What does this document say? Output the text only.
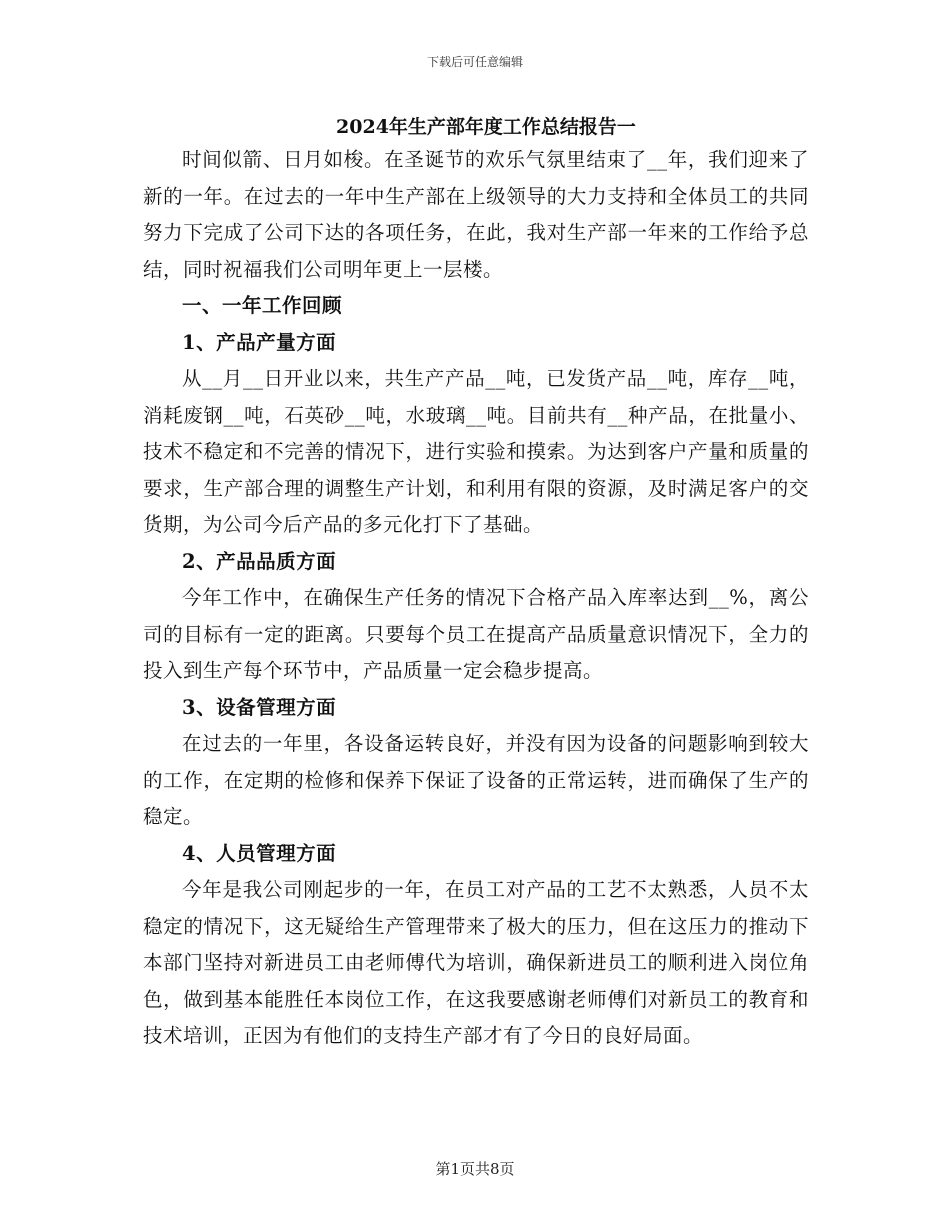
下载后可任意编辑
2024年生产部年度工作总结报告一

时间似箭、日月如梭。在圣诞节的欢乐气氛里结束了__年，我们迎来了新的一年。在过去的一年中生产部在上级领导的大力支持和全体员工的共同努力下完成了公司下达的各项任务，在此，我对生产部一年来的工作给予总结，同时祝福我们公司明年更上一层楼。

一、一年工作回顾

1、产品产量方面

从__月__日开业以来，共生产产品__吨，已发货产品__吨，库存__吨，消耗废钢__吨，石英砂__吨，水玻璃__吨。目前共有__种产品，在批量小、技术不稳定和不完善的情况下，进行实验和摸索。为达到客户产量和质量的要求，生产部合理的调整生产计划，和利用有限的资源，及时满足客户的交货期，为公司今后产品的多元化打下了基础。

2、产品品质方面

今年工作中，在确保生产任务的情况下合格产品入库率达到__%，离公司的目标有一定的距离。只要每个员工在提高产品质量意识情况下，全力的投入到生产每个环节中，产品质量一定会稳步提高。

3、设备管理方面

在过去的一年里，各设备运转良好，并没有因为设备的问题影响到较大的工作，在定期的检修和保养下保证了设备的正常运转，进而确保了生产的稳定。

4、人员管理方面

今年是我公司刚起步的一年，在员工对产品的工艺不太熟悉，人员不太稳定的情况下，这无疑给生产管理带来了极大的压力，但在这压力的推动下本部门坚持对新进员工由老师傅代为培训，确保新进员工的顺利进入岗位角色，做到基本能胜任本岗位工作，在这我要感谢老师傅们对新员工的教育和技术培训，正因为有他们的支持生产部才有了今日的良好局面。

第1页共8页
